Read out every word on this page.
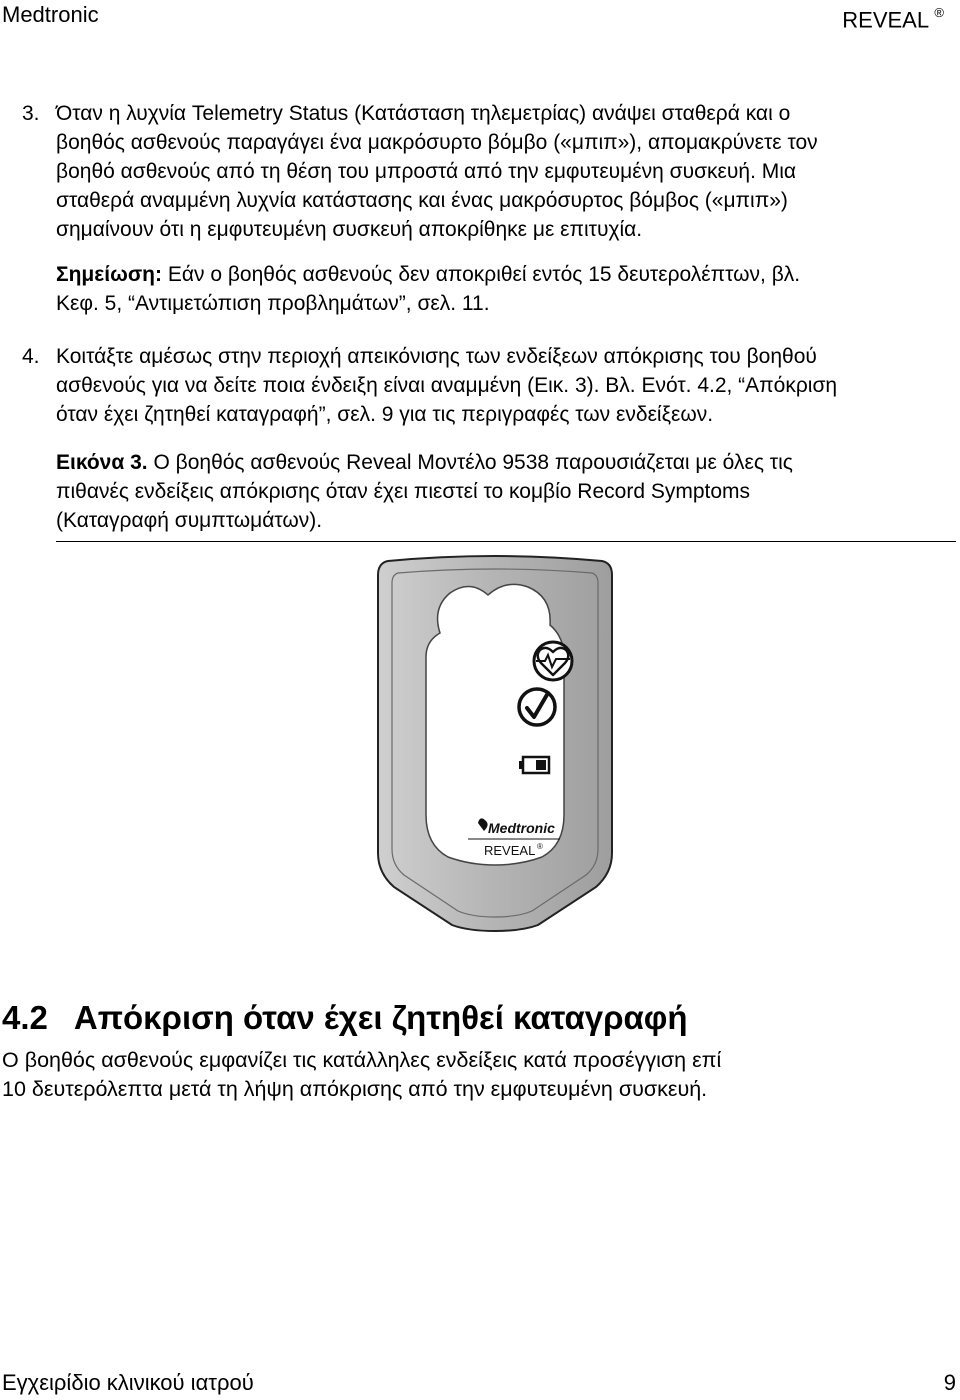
Medtronic	REVEAL ®
3. Όταν η λυχνία Telemetry Status (Κατάσταση τηλεμετρίας) ανάψει σταθερά και ο

βοηθός ασθενούς παραγάγει ένα μακρόσυρτο βόμβο («μπιπ»), απομακρύνετε τον

βοηθό ασθενούς από τη θέση του μπροστά από την εμφυτευμένη συσκευή. Μια

σταθερά αναμμένη λυχνία κατάστασης και ένας μακρόσυρτος βόμβος («μπιπ»)

σημαίνουν ότι η εμφυτευμένη συσκευή αποκρίθηκε με επιτυχία.

Σημείωση: Εάν ο βοηθός ασθενούς δεν αποκριθεί εντός 15 δευτερολέπτων, βλ.

Κεφ. 5, “Αντιμετώπιση προβλημάτων”, σελ. 11.

4. Κοιτάξτε αμέσως στην περιοχή απεικόνισης των ενδείξεων απόκρισης του βοηθού

ασθενούς για να δείτε ποια ένδειξη είναι αναμμένη (Εικ. 3). Βλ. Ενότ. 4.2, “Απόκριση

όταν έχει ζητηθεί καταγραφή”, σελ. 9 για τις περιγραφές των ενδείξεων.

Εικόνα 3. Ο βοηθός ασθενούς Reveal Μοντέλο 9538 παρουσιάζεται με όλες τις

πιθανές ενδείξεις απόκρισης όταν έχει πιεστεί το κομβίο Record Symptoms

(Καταγραφή συμπτωμάτων).

Medtronic
REVEAL ®
4.2 Απόκριση όταν έχει ζητηθεί καταγραφή

Ο βοηθός ασθενούς εμφανίζει τις κατάλληλες ενδείξεις κατά προσέγγιση επί

10 δευτερόλεπτα μετά τη λήψη απόκρισης από την εμφυτευμένη συσκευή.

Εγχειρίδιο κλινικού ιατρού	9
